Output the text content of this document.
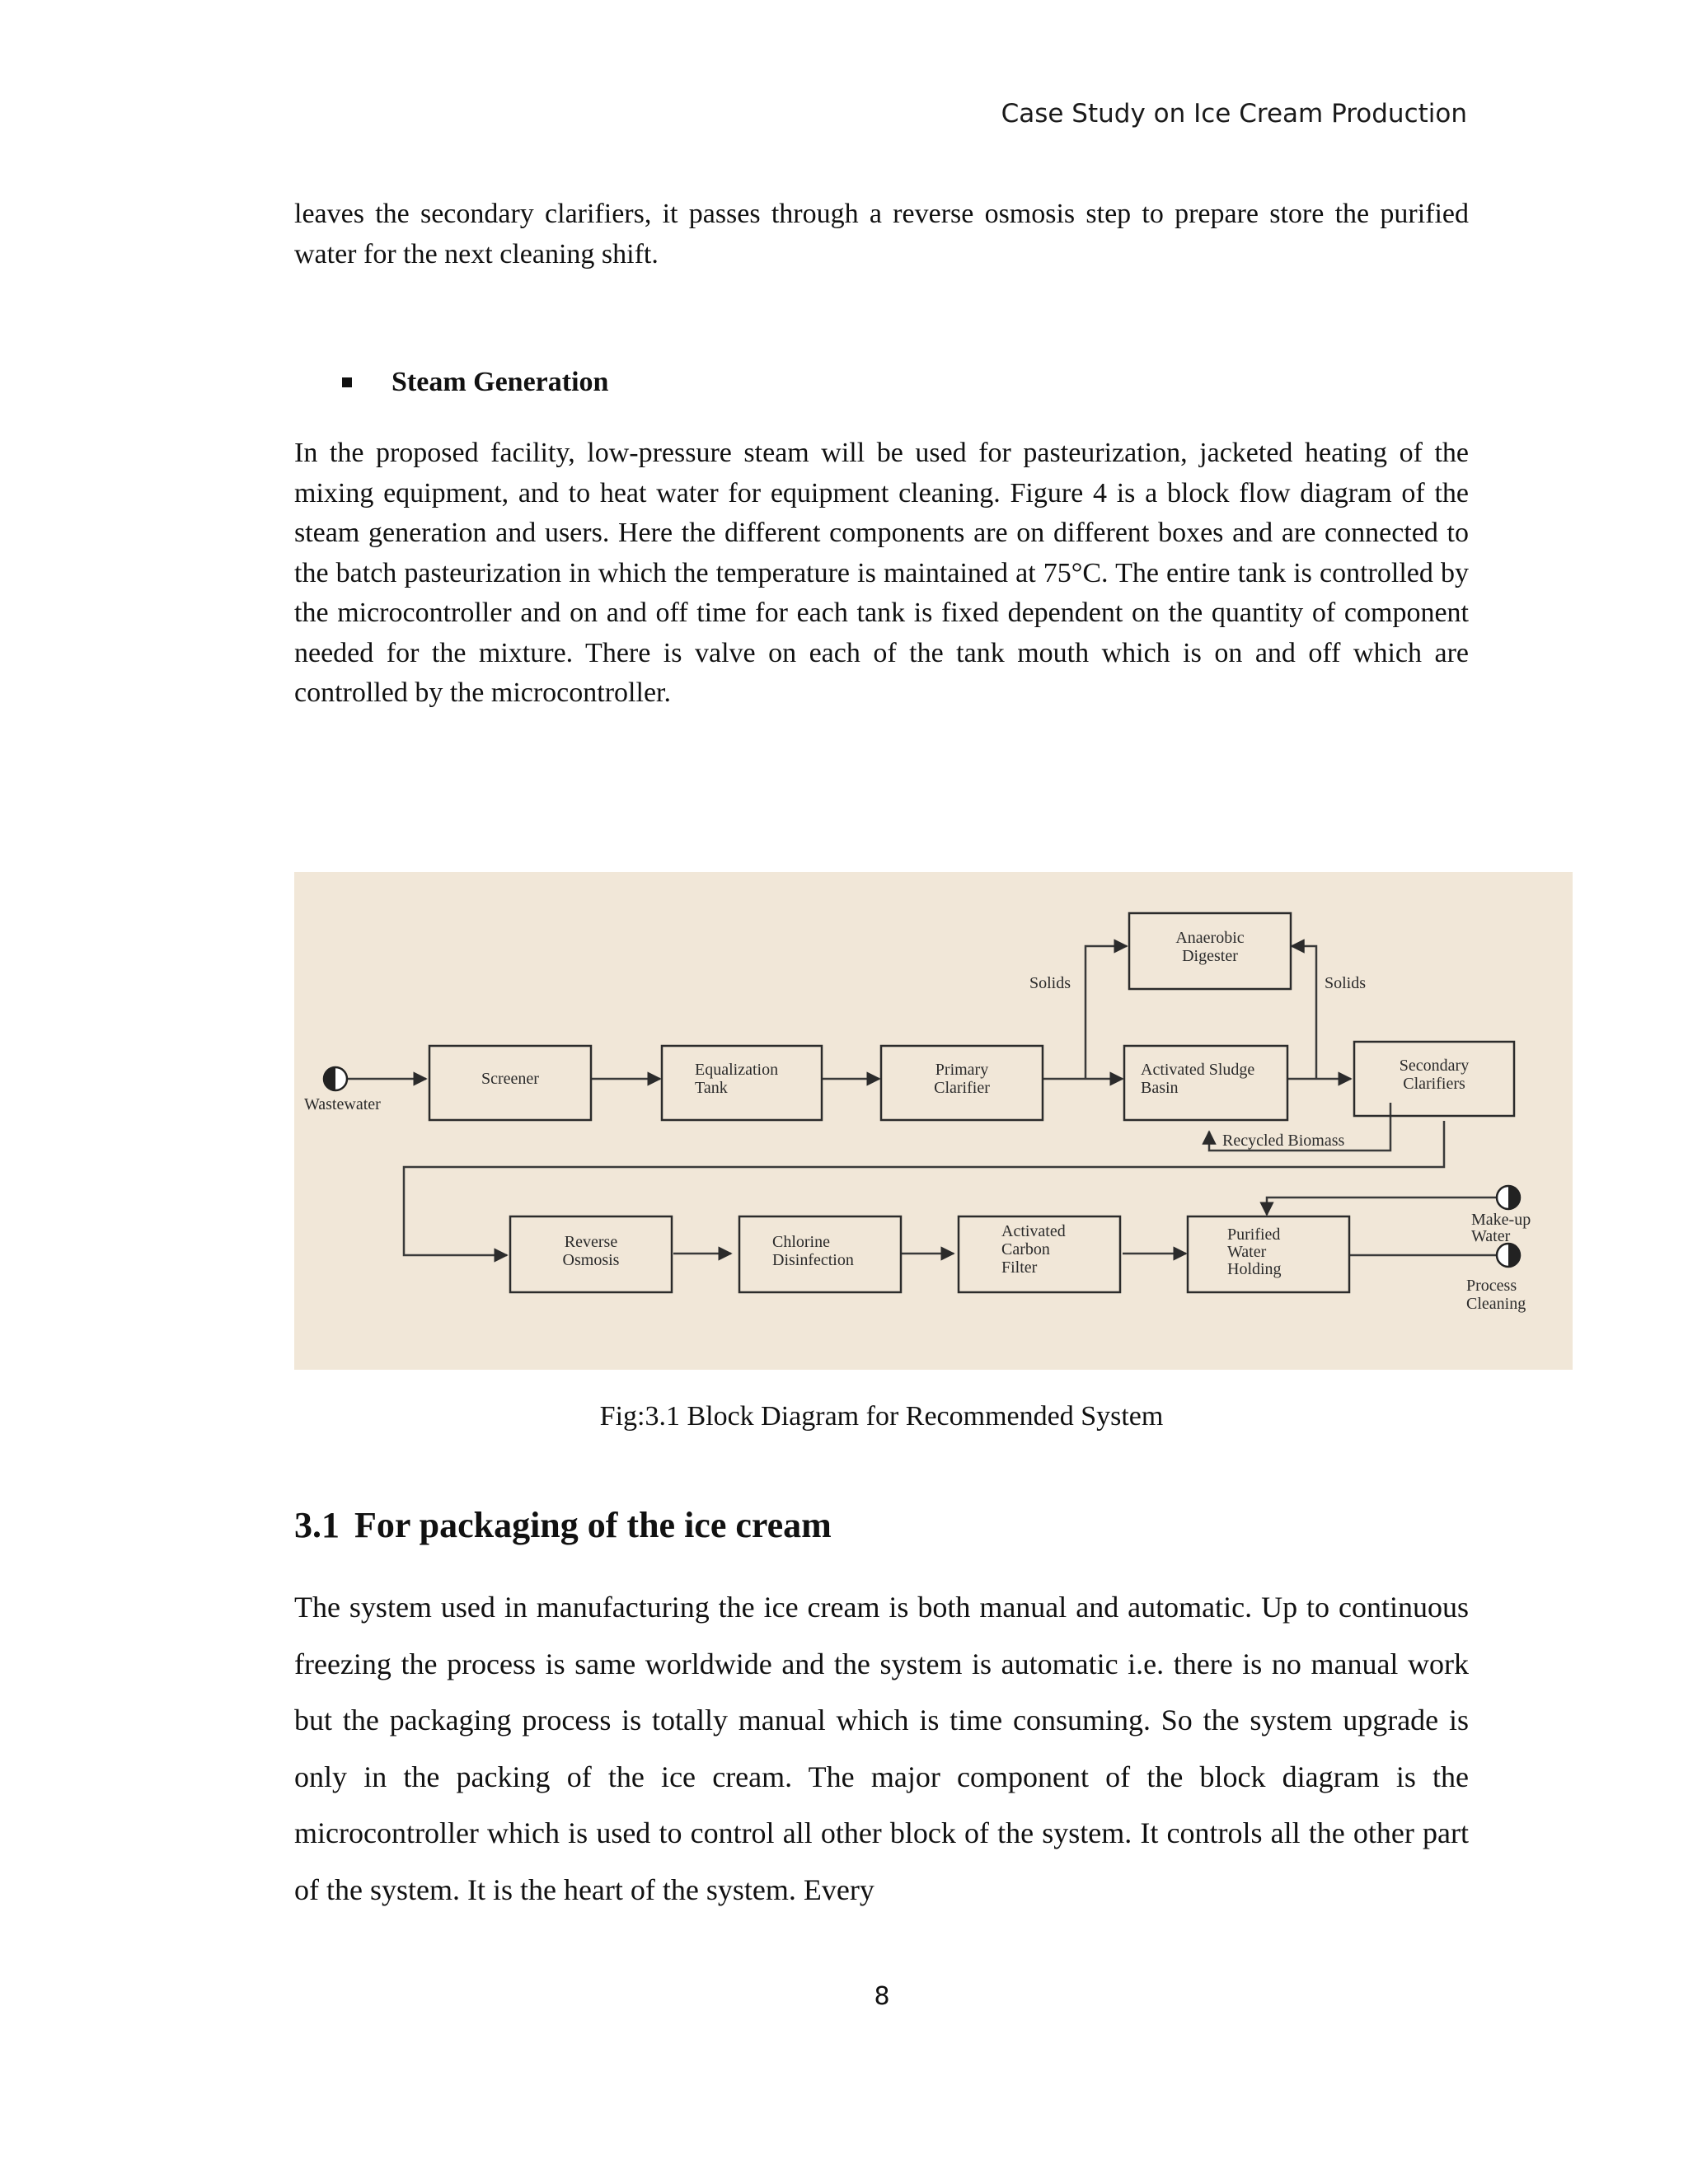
Case Study on Ice Cream Production

leaves the secondary clarifiers, it passes through a reverse osmosis step to prepare store the purified water for the next cleaning shift.

Steam Generation

In the proposed facility, low-pressure steam will be used for pasteurization, jacketed heating of the mixing equipment, and to heat water for equipment cleaning. Figure 4 is a block flow diagram of the steam generation and users. Here the different components are on different boxes and are connected to the batch pasteurization in which the temperature is maintained at 75°C. The entire tank is controlled by the microcontroller and on and off time for each tank is fixed dependent on the quantity of component needed for the mixture. There is valve on each of the tank mouth which is on and off which are controlled by the microcontroller.

Screener	Equalization
Tank
Primary
Clarifier
Anaerobic
Digester
Activated Sludge
Basin
Secondary
Clarifiers
Reverse
Osmosis
Chlorine
Disinfection
Activated
Carbon
Filter
Purified
Water
Holding
Wastewater
Solids	Solids
Recycled Biomass
Make-up
Water
Process
Cleaning
Fig:3.1 Block Diagram for Recommended System
3.1 For packaging of the ice cream

The system used in manufacturing the ice cream is both manual and automatic. Up to continuous freezing the process is same worldwide and the system is automatic i.e. there is no manual work but the packaging process is totally manual which is time consuming. So the system upgrade is only in the packing of the ice cream. The major component of the block diagram is the microcontroller which is used to control all other block of the system. It controls all the other part of the system. It is the heart of the system. Every

8
